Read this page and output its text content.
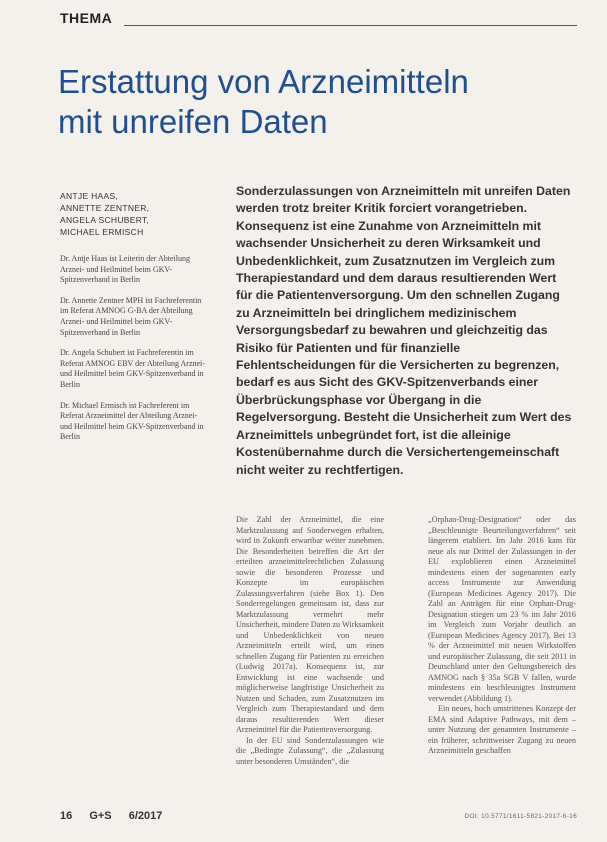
THEMA
Erstattung von Arzneimitteln
mit unreifen Daten
ANTJE HAAS,
ANNETTE ZENTNER,
ANGELA SCHUBERT,
MICHAEL ERMISCH
Dr. Antje Haas ist Leiterin der Abteilung Arznei- und Heilmittel beim GKV-Spitzenverband in Berlin
Dr. Annette Zentner MPH ist Fachreferentin im Referat AMNOG G-BA der Abteilung Arznei- und Heilmittel beim GKV-Spitzenverband in Berlin
Dr. Angela Schubert ist Fachreferentin im Referat AMNOG EBV der Abteilung Arznei- und Heilmittel beim GKV-Spitzenverband in Berlin
Dr. Michael Ermisch ist Fachreferent im Referat Arzneimittel der Abteilung Arznei- und Heilmittel beim GKV-Spitzenverband in Berlin
Sonderzulassungen von Arzneimitteln mit unreifen Daten werden trotz breiter Kritik forciert vorangetrieben. Konsequenz ist eine Zunahme von Arzneimitteln mit wachsender Unsicherheit zu deren Wirksamkeit und Unbedenklichkeit, zum Zusatznutzen im Vergleich zum Therapiestandard und dem daraus resultierenden Wert für die Patientenversorgung. Um den schnellen Zugang zu Arzneimitteln bei dringlichem medizinischem Versorgungsbedarf zu bewahren und gleichzeitig das Risiko für Patienten und für finanzielle Fehlentscheidungen für die Versicherten zu begrenzen, bedarf es aus Sicht des GKV-Spitzenverbands einer Überbrückungsphase vor Übergang in die Regelversorgung. Besteht die Unsicherheit zum Wert des Arzneimittels unbegründet fort, ist die alleinige Kostenübernahme durch die Versichertengemeinschaft nicht weiter zu rechtfertigen.

Die Zahl der Arzneimittel, die eine Marktzulassung auf Sonderwegen erhalten, wird in Zukunft erwartbar weiter zunehmen. Die Besonderheiten betreffen die Art der erteilten arzneimittelrechtlichen Zulassung sowie die besonderen Prozesse und Konzepte im europäischen Zulassungsverfahren (siehe Box 1). Den Sonderregelungen gemeinsam ist, dass zur Marktzulassung vermehrt mehr Unsicherheit, mindere Daten zu Wirksamkeit und Unbedenklichkeit von neuen Arzneimitteln erteilt wird, um einen schnellen Zugang für Patienten zu erreichen (Ludwig 2017a). Konsequenz ist, zur Entwicklung ist eine wachsende und möglicherweise langfristige Unsicherheit zu Nutzen und Schaden, zum Zusatznutzen im Vergleich zum Therapiestandard und dem daraus resultierenden Wert dieser Arzneimittel für die Patientenversorgung.

In der EU sind Sonderzulassungen wie die „Bedingte Zulassung“, die „Zulassung unter besonderen Umständen“, die

„Orphan-Drug-Designation“ oder das „Beschleunigte Beurteilungsverfahren“ seit längerem etabliert. Im Jahr 2016 kam für neue als nur Drittel der Zulassungen in der EU exploblieren einen Arzneimittel mindestens einen der sogenannten early access Instrumente zur Anwendung (European Medicines Agency 2017). Die Zahl an Anträgen für eine Orphan-Drug-Designation stiegen um 23 % im Jahr 2016 im Vergleich zum Vorjahr deutlich an (European Medicines Agency 2017). Bei 13 % der Arzneimittel mit neuen Wirkstoffen und europäischer Zulassung, die seit 2011 in Deutschland unter den Geltungsbereich des AMNOG nach § 35a SGB V fallen, wurde mindestens ein beschleunigtes Instrument verwendet (Abbildung 1).

Ein neues, hoch umstrittenes Konzept der EMA sind Adaptive Pathways, mit dem – unter Nutzung der genannten Instrumente – ein früherer, schrittweiser Zugang zu neuen Arzneimitteln geschaffen

16 G+S 6/2017	DOI: 10.5771/1611-5821-2017-6-16
